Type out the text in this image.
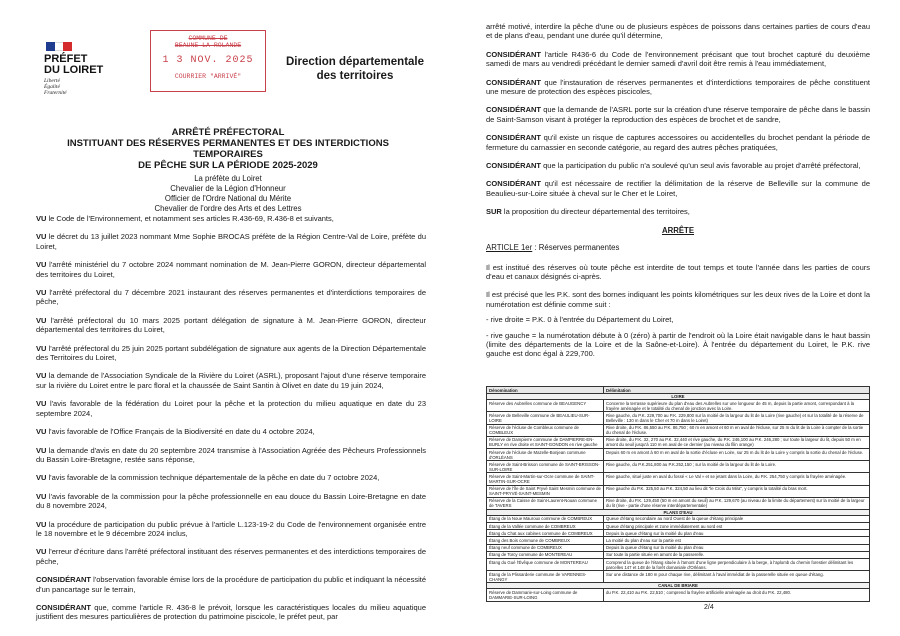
PRÉFET
DU LOIRET
Liberté
Égalité
Fraternité
COMMUNE DE
BEAUNE LA ROLANDE
1 3 NOV. 2025
COURRIER "ARRIVÉ"
Direction départementale
des territoires
ARRÊTÉ PRÉFECTORAL
INSTITUANT DES RÉSERVES PERMANENTES ET DES INTERDICTIONS TEMPORAIRES
DE PÊCHE SUR LA PÉRIODE 2025-2029
La préfète du Loiret
Chevalier de la Légion d'Honneur
Officier de l'Ordre National du Mérite
Chevalier de l'ordre des Arts et des Lettres

VU le Code de l'Environnement, et notamment ses articles R.436-69, R.436-8 et suivants,

VU le décret du 13 juillet 2023 nommant Mme Sophie BROCAS préfète de la Région Centre-Val de Loire, préfète du Loiret,

VU l'arrêté ministériel du 7 octobre 2024 nommant nomination de M. Jean-Pierre GORON, directeur départemental des territoires du Loiret,

VU l'arrêté préfectoral du 7 décembre 2021 instaurant des réserves permanentes et d'interdictions temporaires de pêche,

VU l'arrêté préfectoral du 10 mars 2025 portant délégation de signature à M. Jean-Pierre GORON, directeur départemental des territoires du Loiret,

VU l'arrêté préfectoral du 25 juin 2025 portant subdélégation de signature aux agents de la Direction Départementale des Territoires du Loiret,

VU la demande de l'Association Syndicale de la Rivière du Loiret (ASRL), proposant l'ajout d'une réserve temporaire sur la rivière du Loiret entre le parc floral et la chaussée de Saint Santin à Olivet en date du 19 juin 2024,

VU l'avis favorable de la fédération du Loiret pour la pêche et la protection du milieu aquatique en date du 23 septembre 2024,

VU l'avis favorable de l'Office Français de la Biodiversité en date du 4 octobre 2024,

VU la demande d'avis en date du 20 septembre 2024 transmise à l'Association Agréée des Pêcheurs Professionnels du Bassin Loire-Bretagne, restée sans réponse,

VU l'avis favorable de la commission technique départementale de la pêche en date du 7 octobre 2024,

VU l'avis favorable de la commission pour la pêche professionnelle en eau douce du Bassin Loire-Bretagne en date du 8 novembre 2024,

VU la procédure de participation du public prévue à l'article L.123-19-2 du Code de l'environnement organisée entre le 18 novembre et le 9 décembre 2024 inclus,

VU l'erreur d'écriture dans l'arrêté préfectoral instituant des réserves permanentes et des interdictions temporaires de pêche,

CONSIDÉRANT l'observation favorable émise lors de la procédure de participation du public et indiquant la nécessité d'un pancartage sur le terrain,

CONSIDÉRANT que, comme l'article R. 436-8 le prévoit, lorsque les caractéristiques locales du milieu aquatique justifient des mesures particulières de protection du patrimoine piscicole, le préfet peut, par

arrêté motivé, interdire la pêche d'une ou de plusieurs espèces de poissons dans certaines parties de cours d'eau et de plans d'eau, pendant une durée qu'il détermine,

CONSIDÉRANT l'article R436-6 du Code de l'environnement précisant que tout brochet capturé du deuxième samedi de mars au vendredi précédant le dernier samedi d'avril doit être remis à l'eau immédiatement,

CONSIDÉRANT que l'instauration de réserves permanentes et d'interdictions temporaires de pêche constituent une mesure de protection des espèces piscicoles,

CONSIDÉRANT que la demande de l'ASRL porte sur la création d'une réserve temporaire de pêche dans le bassin de Saint-Samson visant à protéger la reproduction des espèces de brochet et de sandre,

CONSIDÉRANT qu'il existe un risque de captures accessoires ou accidentelles du brochet pendant la période de fermeture du carnassier en seconde catégorie, au regard des autres pêches pratiquées,

CONSIDÉRANT que la participation du public n'a soulevé qu'un seul avis favorable au projet d'arrêté préfectoral,

CONSIDÉRANT qu'il est nécessaire de rectifier la délimitation de la réserve de Belleville sur la commune de Beaulieu-sur-Loire située à cheval sur le Cher et le Loiret,

SUR la proposition du directeur départemental des territoires,

ARRÊTE
ARTICLE 1er : Réserves permanentes

Il est institué des réserves où toute pêche est interdite de tout temps et toute l'année dans les parties de cours d'eau et canaux désignés ci-après.

Il est précisé que les P.K. sont des bornes indiquant les points kilométriques sur les deux rives de la Loire et dont la numérotation est définie comme suit :

- rive droite = P.K. 0 à l'entrée du Département du Loiret,

- rive gauche = la numérotation débute à 0 (zéro) à partir de l'endroit où la Loire était navigable dans le haut bassin (limite des départements de la Loire et de la Saône-et-Loire). À l'entrée du département du Loiret, le P.K. rive gauche est donc égal à 229,700.

Dénomination	Délimitation
LOIRE	
Réserve des Aubrelles commune de BEAUGENCY	Concerne la terrasse supérieure du plan d'eau des Aubrelles sur une longueur de 45 m, depuis la partie amont, correspondant à la frayère aménagée et le totalité du chenal de jonction avec la Loire.
Réserve de Belleville commune de BEAULIEU-SUR-LOIRE	Rive gauche, du P.K. 229,700 au P.K. 229,800 sur la moitié de la largeur du lit de la Loire (rive gauche) et sur la totalité de la réserve de Belleville : 130 m dans le Cher et 70 m dans le Loiret)
Réserve de l'écluse de Combleux commune de COMBLEUX	Rive droite, du P.K. 86,550 au P.K. 86,750 ; 60 m en amont et 60 m en aval de l'écluse, sur 25 m du lit de la Loire à compter de la sortie du chenal de l'écluse.
Réserve de Dampierre commune de DAMPIERRE-EN-BURLY en rive droite et SAINT-GONDON en rive gauche	Rive droite, du P.K. 32, 270 au P.K. 32,440 et rive gauche, du P.K. 246,100 au P.K. 246,280 ; sur toute la largeur du lit, depuis 50 m en amont du seuil jusqu'à 110 m en aval de ce dernier (au niveau du filin orange)
Réserve de l'écluse de Mazelle-Bonjean commune d'ORLÉANS	Depuis 60 m en amont à 60 m en aval de la sortie d'écluse en Loire, sur 25 m du lit de la Loire y compris la sortie du chenal de l'écluse.
Réserve de Saint-Brisson commune de SAINT-BRISSON-SUR-LOIRE	Rive gauche, du P.K.251,800 au P.K.252,150 ; sur la moitié de la largeur du lit de la Loire.
Réserve de Saint-Martin-sur-Ocre commune de SAINT-MARTIN-SUR-OCRE	Rive gauche, situé juste en aval du fossé « Le Val » et se jetant dans la Loire, du P.K. 254,750 y compris la frayère aménagée.
Réserve de l'île de Saint Pryvé Saint Mesmin commune de SAINT-PRYVÉ-SAINT-MESMIN	Rive gauche du P.K. 325,50 au P.K. 324,50 au lieu dit "le Crois du Mira", y compris la totalité du bras mort.
Réserve de la Caisse de Saint-Laurent-Nouan commune de TAVERS	Rive droite, du P.K. 129,450 (50 m en amont du seuil) au P.K. 129,670 (au niveau de la limite du département) sur la moitié de la largeur du lit (rive - partie d'une réserve interdépartementale)
PLANS D'EAU	
Étang de la Noue Mauroux commune de COMBREUX	Queue d'étang secondaire au nord Ouest de la queue d'étang principale
Étang de la Vallée commune de COMBREUX	Queue d'étang principale et zone immédiatement au nord est
Étang du Chat aux cabines commune de COMBREUX	Depuis la queue d'étang sur la moitié du plan d'eau
Étang des Bois commune de COMBREUX	La moitié du plan d'eau sur la partie est
Étang neuf commune de COMBREUX	Depuis la queue d'étang sur la moitié du plan d'eau
Étang de Torcy commune de MONTEREAU	Sur toute la partie située en amont de la passerelle.
Étang du Gué l'Évêque commune de MONTEREAU	Comprend la queue de l'étang située à l'amont d'une ligne perpendiculaire à la berge, à l'aplomb du chemin forestier délimitant les parcelles 147 et 148 de la forêt domaniale d'Orléans.
Étang de la Plissarderie commune de VARENNES-CHANGY	Sur une distance de 180 m pour chaque rive, délimitant à l'aval immédiat de la passerelle située en queue d'étang.
CANAL DE BRIARE	
Réserve de Dammarie-sur-Loing commune de DAMMARIE-SUR-LOING	du P.K. 22,410 au P.K. 22,510 ; comprend la frayère artificielle aménagée au droit du P.K. 22,480.
2/4
